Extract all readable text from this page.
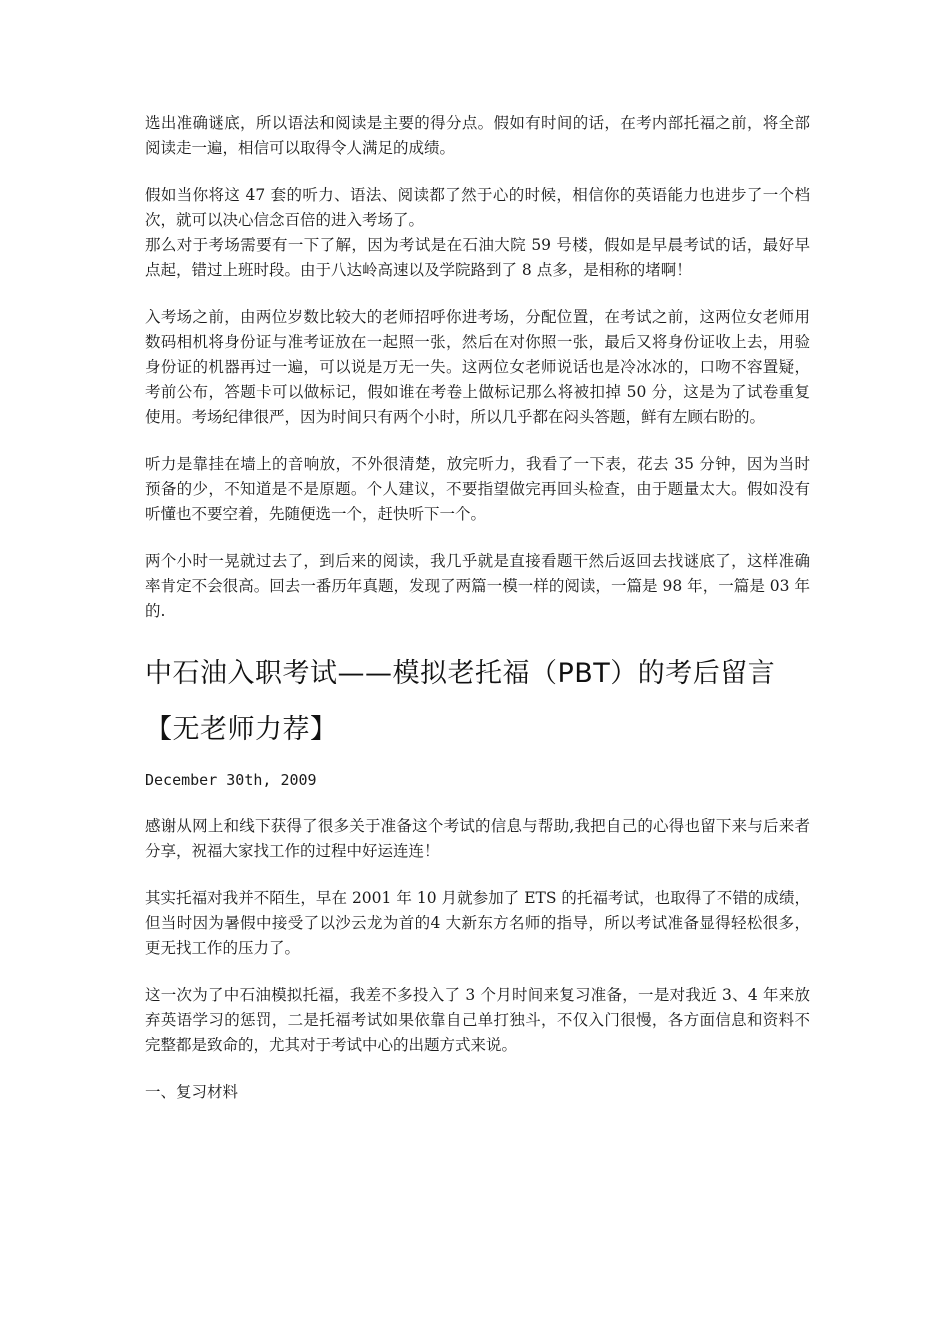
选出准确谜底，所以语法和阅读是主要的得分点。假如有时间的话，在考内部托福之前，将全部阅读走一遍，相信可以取得令人满足的成绩。

假如当你将这 47 套的听力、语法、阅读都了然于心的时候，相信你的英语能力也进步了一个档次，就可以决心信念百倍的进入考场了。

那么对于考场需要有一下了解，因为考试是在石油大院 59 号楼，假如是早晨考试的话，最好早点起，错过上班时段。由于八达岭高速以及学院路到了 8 点多，是相称的堵啊！

入考场之前，由两位岁数比较大的老师招呼你进考场，分配位置，在考试之前，这两位女老师用数码相机将身份证与准考证放在一起照一张，然后在对你照一张，最后又将身份证收上去，用验身份证的机器再过一遍，可以说是万无一失。这两位女老师说话也是冷冰冰的，口吻不容置疑，考前公布，答题卡可以做标记，假如谁在考卷上做标记那么将被扣掉 50 分，这是为了试卷重复使用。考场纪律很严，因为时间只有两个小时，所以几乎都在闷头答题，鲜有左顾右盼的。

听力是靠挂在墙上的音响放，不外很清楚，放完听力，我看了一下表，花去 35 分钟，因为当时预备的少，不知道是不是原题。个人建议，不要指望做完再回头检查，由于题量太大。假如没有听懂也不要空着，先随便选一个，赶快听下一个。

两个小时一晃就过去了，到后来的阅读，我几乎就是直接看题干然后返回去找谜底了，这样准确率肯定不会很高。回去一番历年真题，发现了两篇一模一样的阅读，一篇是 98 年，一篇是 03 年的.

中石油入职考试——模拟老托福（PBT）的考后留言【无老师力荐】

December 30th, 2009

感谢从网上和线下获得了很多关于准备这个考试的信息与帮助,我把自己的心得也留下来与后来者分享，祝福大家找工作的过程中好运连连！

其实托福对我并不陌生，早在 2001 年 10 月就参加了 ETS 的托福考试，也取得了不错的成绩，但当时因为暑假中接受了以沙云龙为首的4 大新东方名师的指导，所以考试准备显得轻松很多，更无找工作的压力了。

这一次为了中石油模拟托福，我差不多投入了 3 个月时间来复习准备，一是对我近 3、4 年来放弃英语学习的惩罚，二是托福考试如果依靠自己单打独斗，不仅入门很慢，各方面信息和资料不完整都是致命的，尤其对于考试中心的出题方式来说。

一、复习材料
